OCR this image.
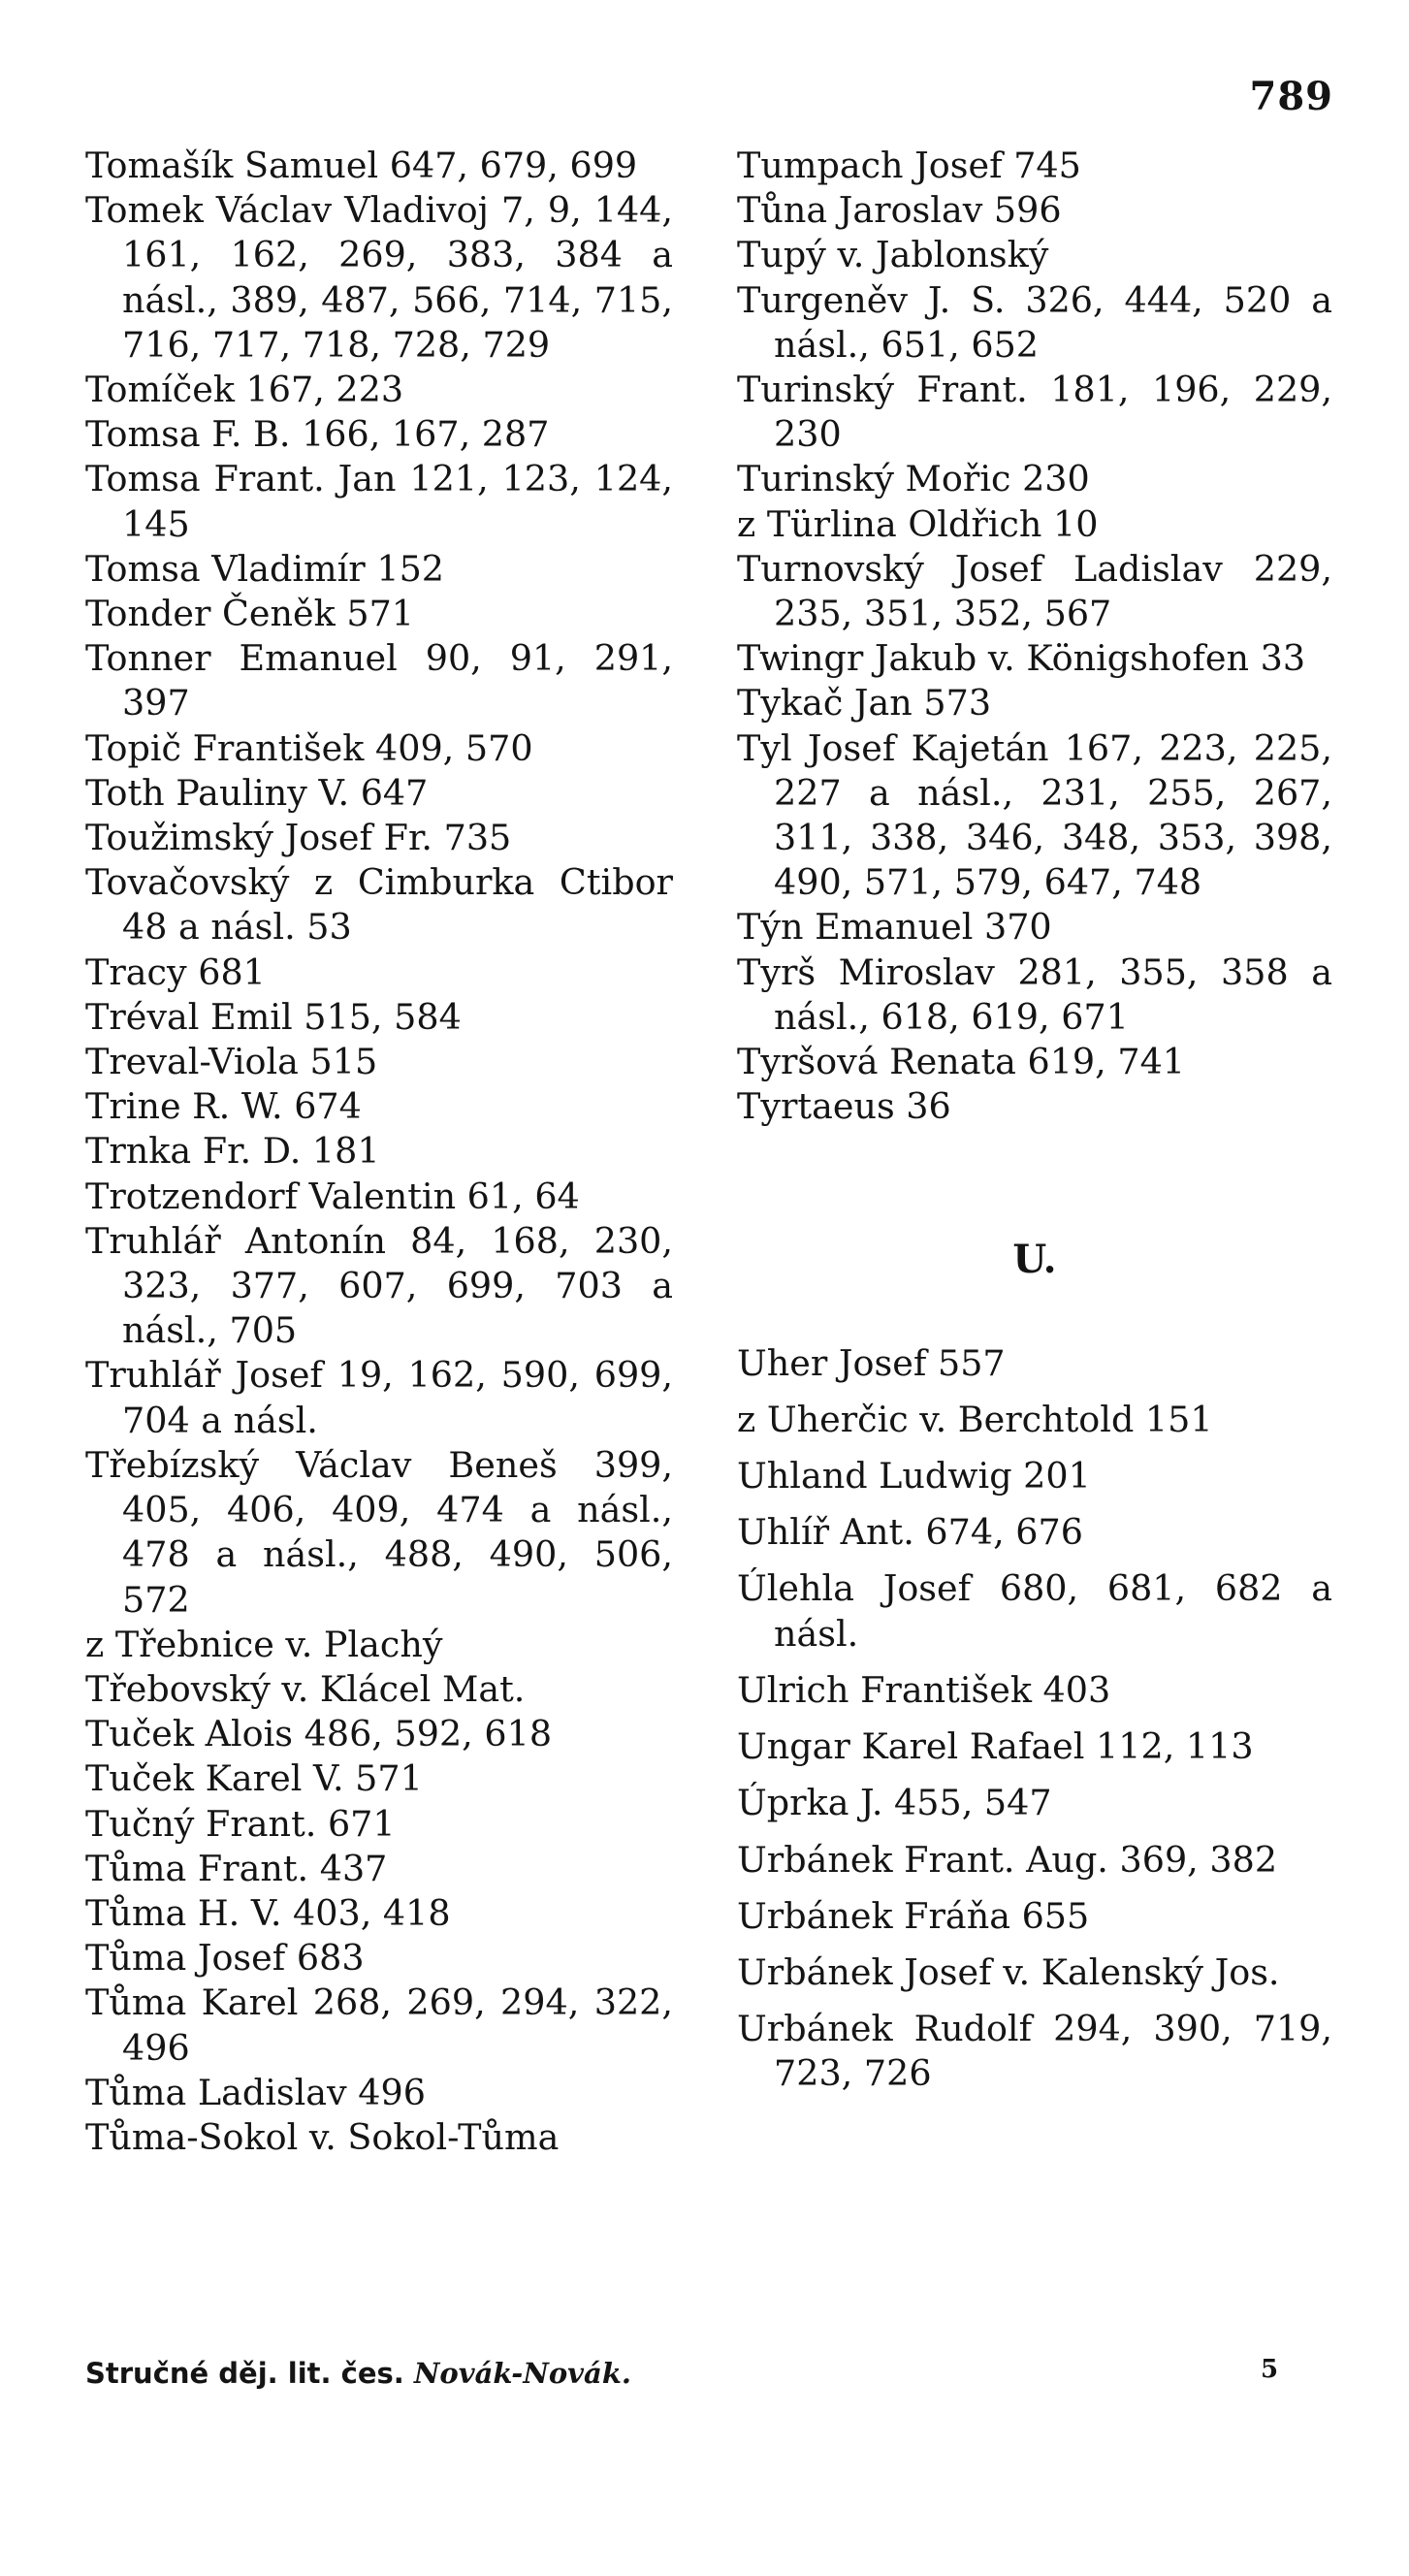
789
Tomašík Samuel 647, 679, 699
Tomek Václav Vladivoj 7, 9, 144, 161, 162, 269, 383, 384 a násl., 389, 487, 566, 714, 715, 716, 717, 718, 728, 729
Tomíček 167, 223
Tomsa F. B. 166, 167, 287
Tomsa Frant. Jan 121, 123, 124, 145
Tomsa Vladimír 152
Tonder Čeněk 571
Tonner Emanuel 90, 91, 291, 397
Topič František 409, 570
Toth Pauliny V. 647
Toužimský Josef Fr. 735
Tovačovský z Cimburka Ctibor 48 a násl. 53
Tracy 681
Tréval Emil 515, 584
Treval-Viola 515
Trine R. W. 674
Trnka Fr. D. 181
Trotzendorf Valentin 61, 64
Truhlář Antonín 84, 168, 230, 323, 377, 607, 699, 703 a násl., 705
Truhlář Josef 19, 162, 590, 699, 704 a násl.
Třebízský Václav Beneš 399, 405, 406, 409, 474 a násl., 478 a násl., 488, 490, 506, 572
z Třebnice v. Plachý
Třebovský v. Klácel Mat.
Tuček Alois 486, 592, 618
Tuček Karel V. 571
Tučný Frant. 671
Tůma Frant. 437
Tůma H. V. 403, 418
Tůma Josef 683
Tůma Karel 268, 269, 294, 322, 496
Tůma Ladislav 496
Tůma-Sokol v. Sokol-Tůma
Tumpach Josef 745
Tůna Jaroslav 596
Tupý v. Jablonský
Turgeněv J. S. 326, 444, 520 a násl., 651, 652
Turinský Frant. 181, 196, 229, 230
Turinský Mořic 230
z Türlina Oldřich 10
Turnovský Josef Ladislav 229, 235, 351, 352, 567
Twingr Jakub v. Königshofen 33
Tykač Jan 573
Tyl Josef Kajetán 167, 223, 225, 227 a násl., 231, 255, 267, 311, 338, 346, 348, 353, 398, 490, 571, 579, 647, 748
Týn Emanuel 370
Tyrš Miroslav 281, 355, 358 a násl., 618, 619, 671
Tyršová Renata 619, 741
Tyrtaeus 36
U.
Uher Josef 557
z Uherčic v. Berchtold 151
Uhland Ludwig 201
Uhlíř Ant. 674, 676
Úlehla Josef 680, 681, 682 a násl.
Ulrich František 403
Ungar Karel Rafael 112, 113
Úprka J. 455, 547
Urbánek Frant. Aug. 369, 382
Urbánek Fráňa 655
Urbánek Josef v. Kalenský Jos.
Urbánek Rudolf 294, 390, 719, 723, 726
Stručné děj. lit. čes. Novák-Novák.	5
